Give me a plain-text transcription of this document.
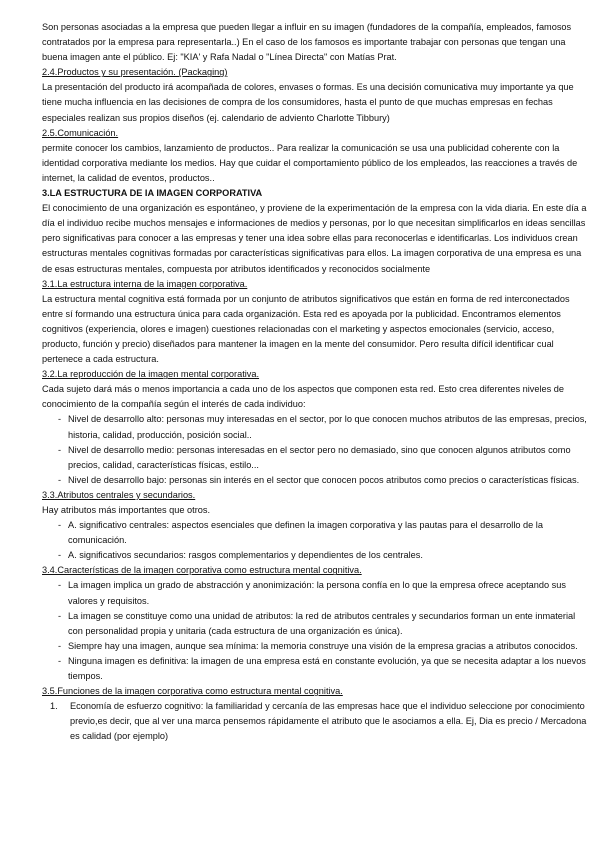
Son personas asociadas a la empresa que pueden llegar a influir en su imagen (fundadores de la compañía, empleados, famosos contratados por la empresa para representarla..) En el caso de los famosos es importante trabajar con personas que tengan una buena imagen ante el público. Ej: "KIA' y Rafa Nadal o "Línea Directa" con Matías Prat.

2.4.Productos y su presentación. (Packaging)

La presentación del producto irá acompañada de colores, envases o formas. Es una decisión comunicativa muy importante ya que tiene mucha influencia en las decisiones de compra de los consumidores, hasta el punto de que muchas empresas en fechas especiales realizan sus propios diseños (ej. calendario de adviento Charlotte Tibbury)

2.5.Comunicación.

permite conocer los cambios, lanzamiento de productos.. Para realizar la comunicación se usa una publicidad coherente con la identidad corporativa mediante los medios. Hay que cuidar el comportamiento público de los empleados, las reacciones a través de internet, la calidad de eventos, productos..

3.LA ESTRUCTURA DE IA IMAGEN CORPORATIVA

El conocimiento de una organización es espontáneo, y proviene de la experimentación de la empresa con la vida diaria. En este día a día el individuo recibe muchos mensajes e informaciones de medios y personas, por lo que necesitan simplificarlos en ideas sencillas pero significativas para conocer a las empresas y tener una idea sobre ellas para reconocerlas e identificarlas. Los individuos crean estructuras mentales cognitivas formadas por características significativas para ellos. La imagen corporativa de una empresa es una de esas estructuras mentales, compuesta por atributos identificados y reconocidos socialmente

3.1.La estructura interna de la imagen corporativa.

La estructura mental cognitiva está formada por un conjunto de atributos significativos que están en forma de red interconectados entre sí formando una estructura única para cada organización. Esta red es apoyada por la publicidad. Encontramos elementos cognitivos (experiencia, olores e imagen) cuestiones relacionadas con el marketing y aspectos emocionales (servicio, acceso, producto, función y precio) diseñados para mantener la imagen en la mente del consumidor. Pero resulta difícil identificar cual pertenece a cada estructura.

3.2.La reproducción de la imagen mental corporativa.

Cada sujeto dará más o menos importancia a cada uno de los aspectos que componen esta red. Esto crea diferentes niveles de conocimiento de la compañía según el interés de cada individuo:

- Nivel de desarrollo alto: personas muy interesadas en el sector, por lo que conocen muchos atributos de las empresas, precios, historia, calidad, producción, posición social..
- Nivel de desarrollo medio: personas interesadas en el sector pero no demasiado, sino que conocen algunos atributos como precios, calidad, características físicas, estilo...
- Nivel de desarrollo bajo: personas sin interés en el sector que conocen pocos atributos como precios o características físicas.

3.3.Atributos centrales y secundarios.

Hay atributos más importantes que otros.

- A. significativo centrales: aspectos esenciales que definen la imagen corporativa y las pautas para el desarrollo de la comunicación.
- A. significativos secundarios: rasgos complementarios y dependientes de los centrales.

3.4.Características de la imagen corporativa como estructura mental cognitiva.

- La imagen implica un grado de abstracción y anonimización: la persona confía en lo que la empresa ofrece aceptando sus valores y requisitos.
- La imagen se constituye como una unidad de atributos: la red de atributos centrales y secundarios forman un ente inmaterial con personalidad propia y unitaria (cada estructura de una organización es única).
- Siempre hay una imagen, aunque sea mínima: la memoria construye una visión de la empresa gracias a atributos conocidos.
- Ninguna imagen es definitiva: la imagen de una empresa está en constante evolución, ya que se necesita adaptar a los nuevos tiempos.

3.5.Funciones de la imagen corporativa como estructura mental cognitiva.

1. Economía de esfuerzo cognitivo: la familiaridad y cercanía de las empresas hace que el individuo seleccione por conocimiento previo,es decir, que al ver una marca pensemos rápidamente el atributo que le asociamos a ella. Ej, Dia es precio / Mercadona es calidad (por ejemplo)
